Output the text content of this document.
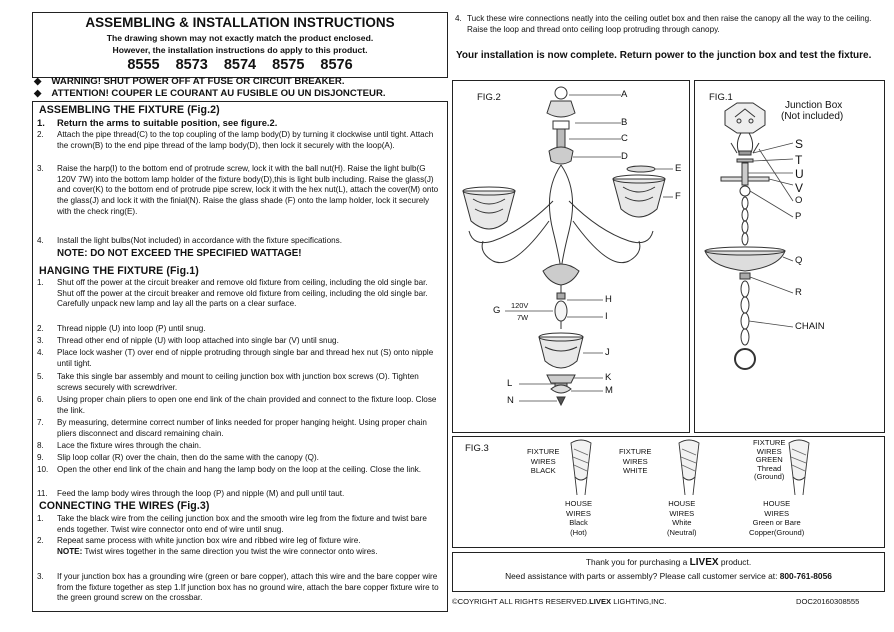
ASSEMBLING & INSTALLATION INSTRUCTIONS
The drawing shown may not exactly match the product enclosed.
However, the installation instructions do apply to this product.
8555 8573 8574 8575 8576
◆ WARNING! SHUT POWER OFF AT FUSE OR CIRCUIT BREAKER.
◆ ATTENTION! COUPER LE COURANT AU FUSIBLE OU UN DISJONCTEUR.
ASSEMBLING THE FIXTURE (Fig.2)
1.	Return the arms to suitable position, see figure.2.
2.	Attach the pipe thread(C) to the top coupling of the lamp body(D) by turning it clockwise until tight. Attach the crown(B) to the end pipe thread of the lamp body(D), then lock it securely with the loop(A).
3.	Raise the harp(I) to the bottom end of protrude screw, lock it with the ball nut(H). Raise the light bulb(G 120V 7W) into the bottom lamp holder of the fixture body(D),this is light bulb including. Raise the glass(J) and cover(K) to the bottom end of protrude pipe screw, lock it with the hex nut(L), attach the cover(M) onto the glass(J) and lock it with the finial(N). Raise the glass shade (F) onto the lamp holder, lock it securely with the check ring(E).
4.	Install the light bulbs(Not included) in accordance with the fixture specifications.
NOTE: DO NOT EXCEED THE SPECIFIED WATTAGE!
HANGING THE FIXTURE (Fig.1)
1.	Shut off the power at the circuit breaker and remove old fixture from ceiling, including the old single bar. Shut off the power at the circuit breaker and remove old fixture from ceiling, including the old single bar. Carefully unpack new lamp and lay all the parts on a clear surface.
2.	Thread nipple (U) into loop (P) until snug.
3.	Thread other end of nipple (U) with loop attached into single bar (V) until snug.
4.	Place lock washer (T) over end of nipple protruding through single bar and thread hex nut (S) onto nipple until tight.
5.	Take this single bar assembly and mount to ceiling junction box with junction box screws (O). Tighten screws securely with screwdriver.
6.	Using proper chain pliers to open one end link of the chain provided and connect to the fixture loop. Close the link.
7.	By measuring, determine correct number of links needed for proper hanging height. Using proper chain pliers disconnect and discard remaining chain.
8.	Lace the fixture wires through the chain.
9.	Slip loop collar (R) over the chain, then do the same with the canopy (Q).
10.	Open the other end link of the chain and hang the lamp body on the loop at the ceiling. Close the link.
11.	Feed the lamp body wires through the loop (P) and nipple (M) and pull until taut.
CONNECTING THE WIRES (Fig.3)
1.	Take the black wire from the ceiling junction box and the smooth wire leg from the fixture and twist bare ends together. Twist wire connector onto end of wire until snug.
2.	Repeat same process with white junction box wire and ribbed wire leg of fixture wire.
NOTE: Twist wires together in the same direction you twist the wire connector onto wires.
3.	If your junction box has a grounding wire (green or bare copper), attach this wire and the bare copper wire from the fixture together as step 1.If junction box has no ground wire, attach the bare copper fixture wire to the green ground screw on the crossbar.
4. Tuck these wire connections neatly into the ceiling outlet box and then raise the canopy all the way to the ceiling. Raise the loop and thread onto ceiling loop protruding through canopy.
Your installation is now complete. Return power to the junction box and test the fixture.
FIG.2	A
B
C
D
E
F
G
H
I
J
K
L
M
N
120V
7W
FIG.1
Junction Box
(Not included)
S
T
U
V
O
P
Q
R
CHAIN
FIG.3	FIXTURE
WIRES
BLACK
FIXTURE
WIRES
WHITE
FIXTURE
WIRES
GREEN
Thread
(Ground)
HOUSE
WIRES
Black
(Hot)
HOUSE
WIRES
White
(Neutral)
HOUSE
WIRES
Green or Bare
Copper(Ground)
Thank you for purchasing a LIVEX product.
Need assistance with parts or assembly? Please call customer service at: 800-761-8056
©COYRIGHT ALL RIGHTS RESERVED.LIVEX LIGHTING,INC.	DOC20160308555
